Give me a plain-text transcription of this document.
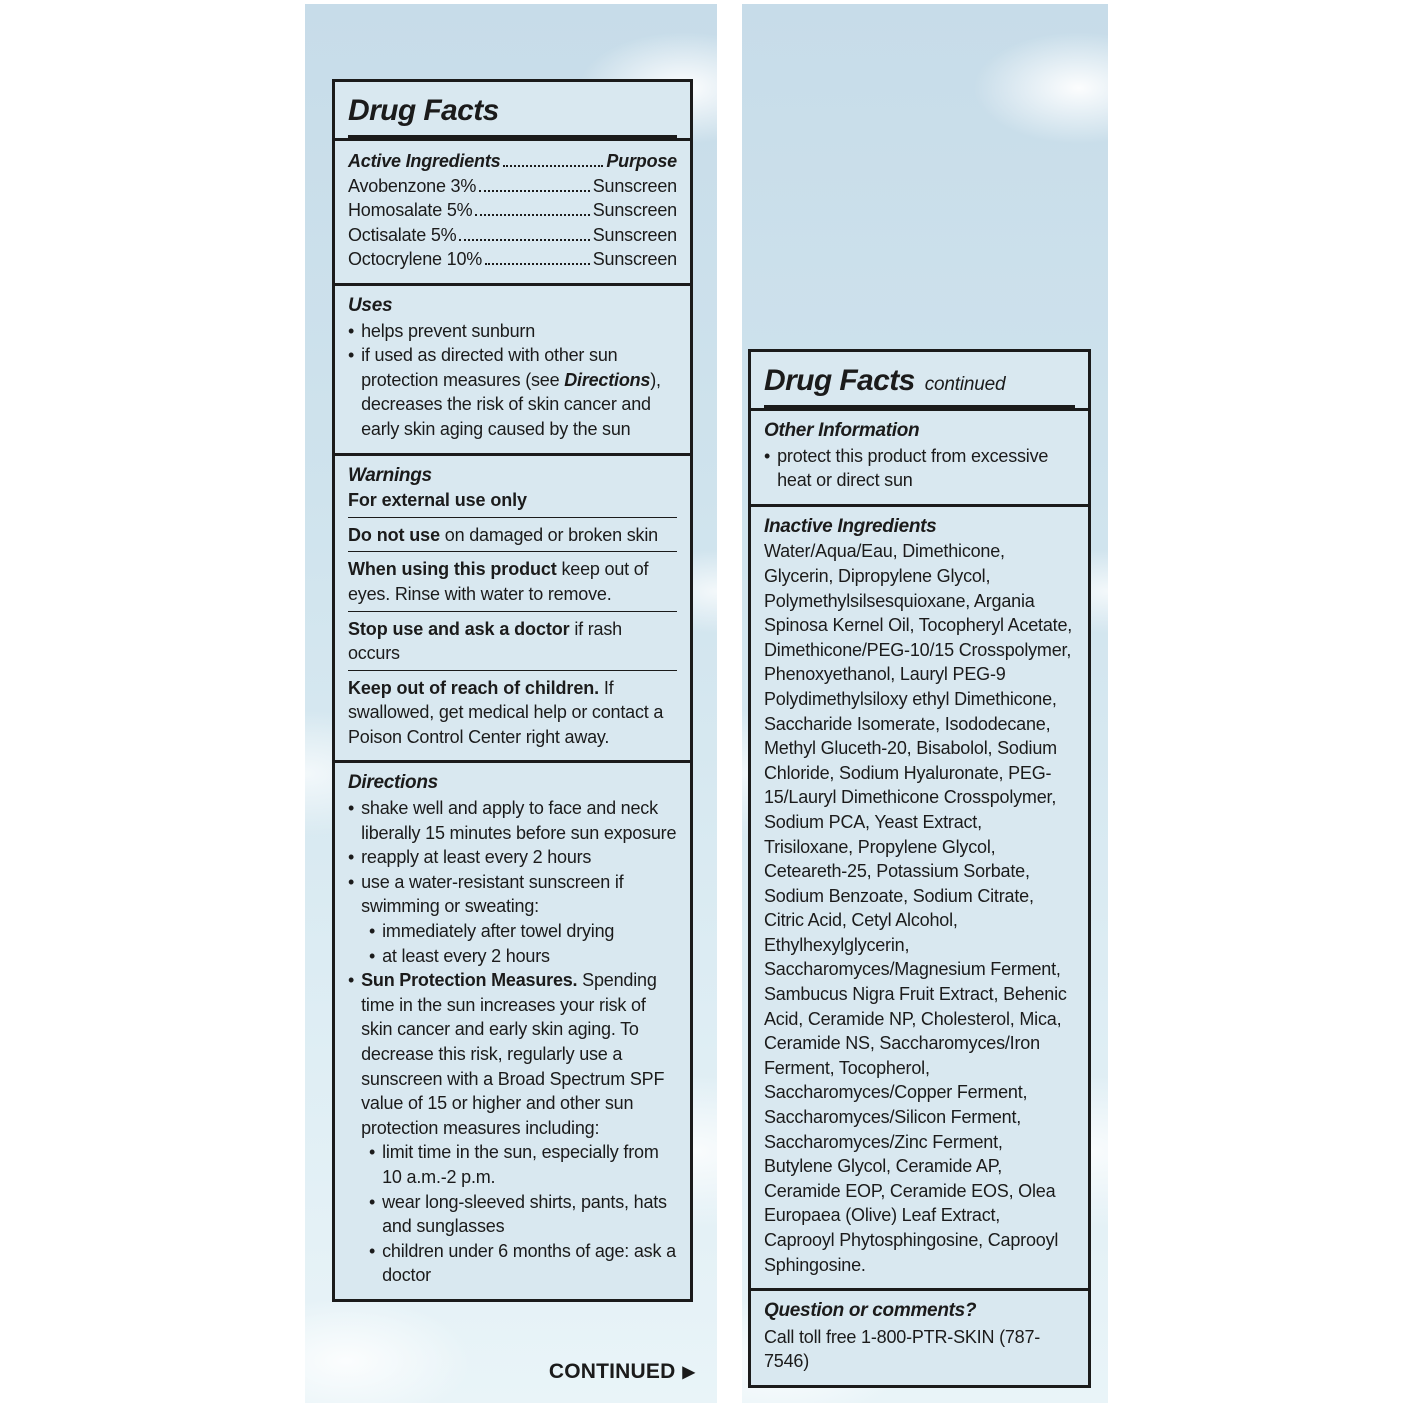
Drug Facts
Active Ingredients	Purpose
Avobenzone 3%	Sunscreen
Homosalate 5%	Sunscreen
Octisalate 5%	Sunscreen
Octocrylene 10%	Sunscreen
Uses
• helps prevent sunburn
• if used as directed with other sun protection measures (see Directions), decreases the risk of skin cancer and early skin aging caused by the sun
Warnings

For external use only

Do not use on damaged or broken skin

When using this product keep out of eyes. Rinse with water to remove.

Stop use and ask a doctor if rash occurs

Keep out of reach of children. If swallowed, get medical help or contact a Poison Control Center right away.

Directions
• shake well and apply to face and neck liberally 15 minutes before sun exposure
• reapply at least every 2 hours
• use a water-resistant sunscreen if swimming or sweating:
• immediately after towel drying
• at least every 2 hours
• Sun Protection Measures. Spending time in the sun increases your risk of skin cancer and early skin aging. To decrease this risk, regularly use a sunscreen with a Broad Spectrum SPF value of 15 or higher and other sun protection measures including:
• limit time in the sun, especially from 10 a.m.-2 p.m.
• wear long-sleeved shirts, pants, hats and sunglasses
• children under 6 months of age: ask a doctor
CONTINUED ▶
Drug Facts continued
Other Information
• protect this product from excessive heat or direct sun
Inactive Ingredients
Water/Aqua/Eau, Dimethicone, Glycerin, Dipropylene Glycol, Polymethylsilsesquioxane, Argania Spinosa Kernel Oil, Tocopheryl Acetate, Dimethicone/PEG-10/15 Crosspolymer, Phenoxyethanol, Lauryl PEG-9 Polydimethylsiloxy ethyl Dimethicone, Saccharide Isomerate, Isododecane, Methyl Gluceth-20, Bisabolol, Sodium Chloride, Sodium Hyaluronate, PEG-15/Lauryl Dimethicone Crosspolymer, Sodium PCA, Yeast Extract, Trisiloxane, Propylene Glycol, Ceteareth-25, Potassium Sorbate, Sodium Benzoate, Sodium Citrate, Citric Acid, Cetyl Alcohol, Ethylhexylglycerin, Saccharomyces/Magnesium Ferment, Sambucus Nigra Fruit Extract, Behenic Acid, Ceramide NP, Cholesterol, Mica, Ceramide NS, Saccharomyces/Iron Ferment, Tocopherol, Saccharomyces/Copper Ferment, Saccharomyces/Silicon Ferment, Saccharomyces/Zinc Ferment, Butylene Glycol, Ceramide AP, Ceramide EOP, Ceramide EOS, Olea Europaea (Olive) Leaf Extract, Caprooyl Phytosphingosine, Caprooyl Sphingosine.
Question or comments?
Call toll free 1-800-PTR-SKIN (787-7546)
